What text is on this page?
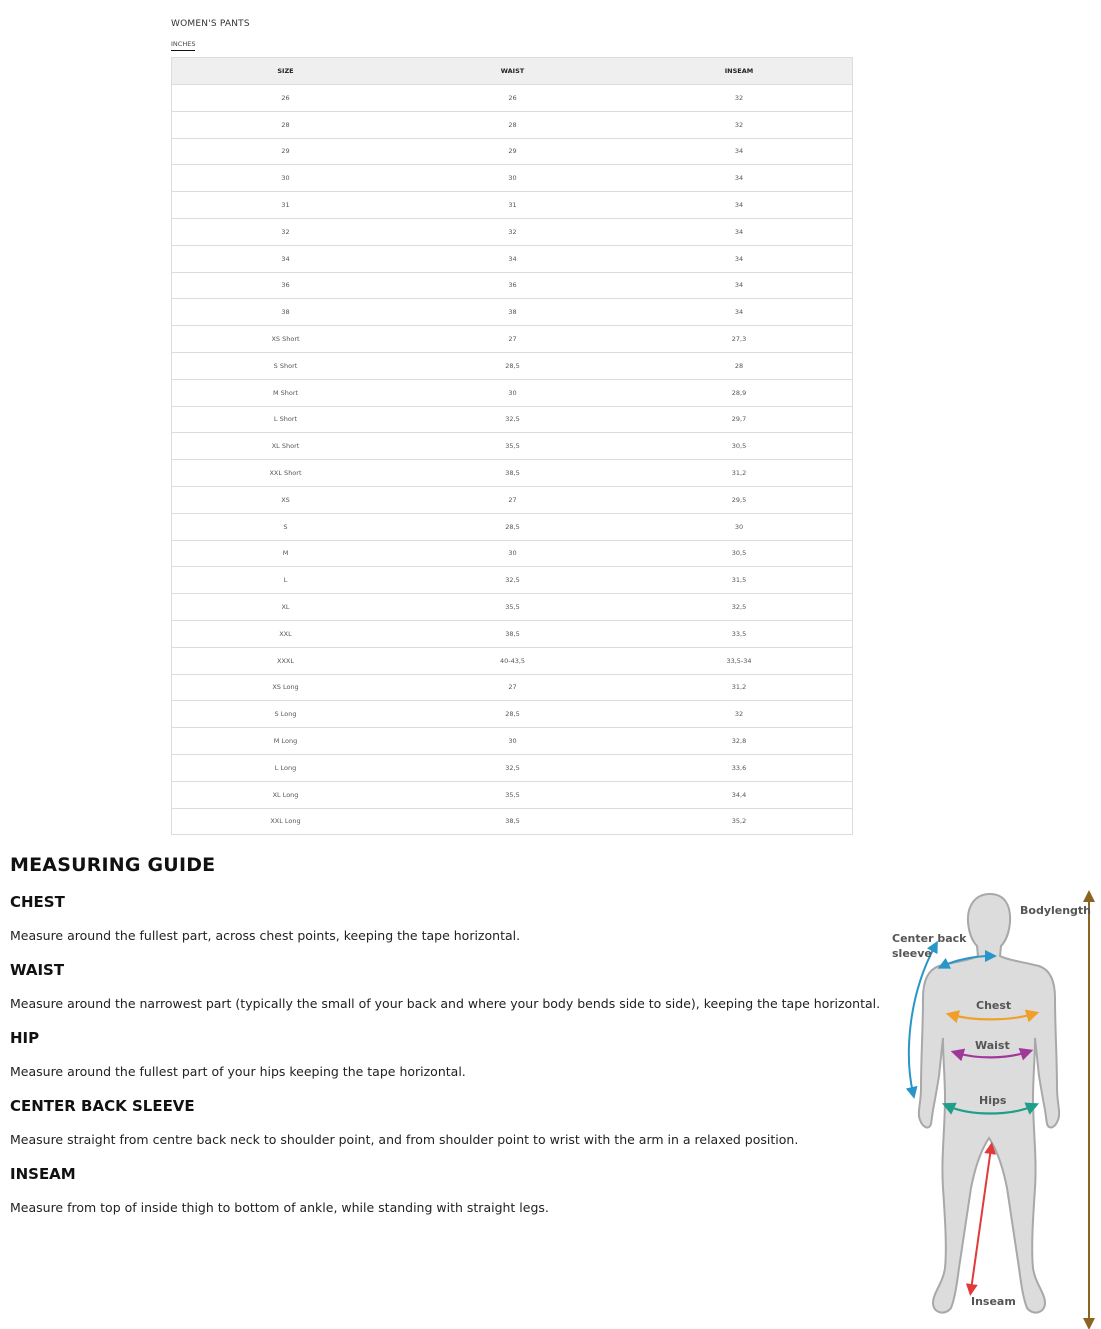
WOMEN'S PANTS
INCHES
SIZE	WAIST	INSEAM
26	26	32
28	28	32
29	29	34
30	30	34
31	31	34
32	32	34
34	34	34
36	36	34
38	38	34
XS Short	27	27,3
S Short	28,5	28
M Short	30	28,9
L Short	32,5	29,7
XL Short	35,5	30,5
XXL Short	38,5	31,2
XS	27	29,5
S	28,5	30
M	30	30,5
L	32,5	31,5
XL	35,5	32,5
XXL	38,5	33,5
XXXL	40-43,5	33,5-34
XS Long	27	31,2
S Long	28,5	32
M Long	30	32,8
L Long	32,5	33,6
XL Long	35,5	34,4
XXL Long	38,5	35,2
MEASURING GUIDE
CHEST

Measure around the fullest part, across chest points, keeping the tape horizontal.

WAIST

Measure around the narrowest part (typically the small of your back and where your body bends side to side), keeping the tape horizontal.

HIP

Measure around the fullest part of your hips keeping the tape horizontal.

CENTER BACK SLEEVE

Measure straight from centre back neck to shoulder point, and from shoulder point to wrist with the arm in a relaxed position.

INSEAM

Measure from top of inside thigh to bottom of ankle, while standing with straight legs.

Bodylength
Center back
sleeve
Chest
Waist
Hips
Inseam
